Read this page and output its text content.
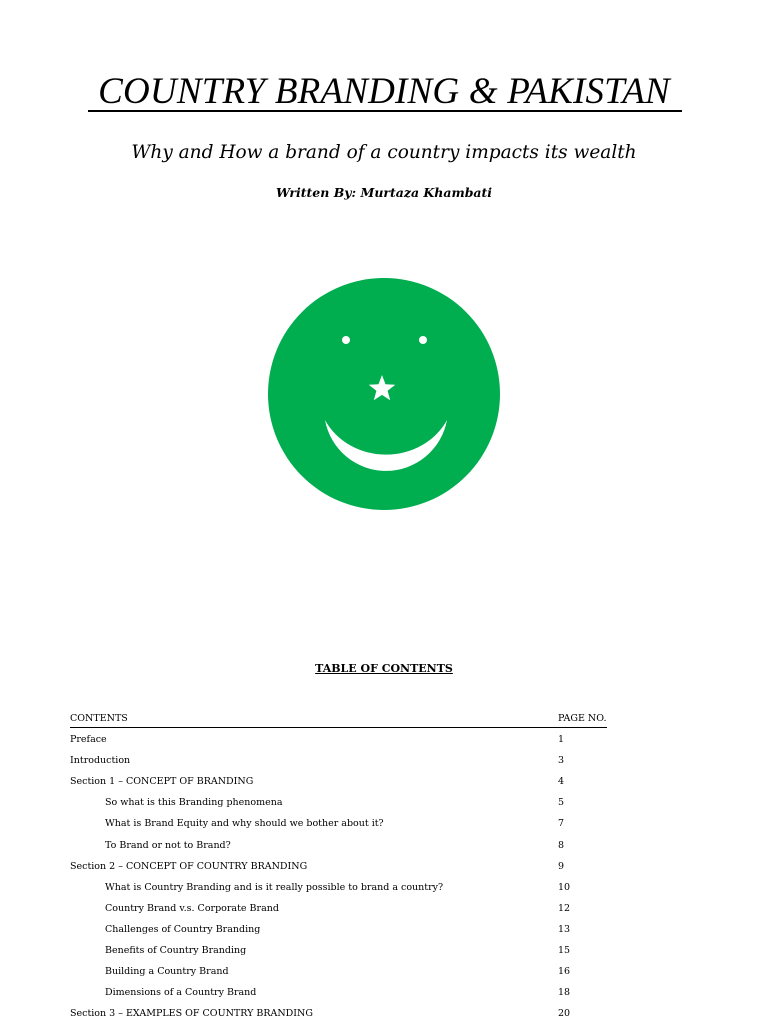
COUNTRY BRANDING & PAKISTAN
Why and How a brand of a country impacts its wealth
Written By: Murtaza Khambati
TABLE OF CONTENTS
CONTENTS	PAGE NO.
Preface	1
Introduction	3
Section 1 – CONCEPT OF BRANDING	4
So what is this Branding phenomena	5
What is Brand Equity and why should we bother about it?	7
To Brand or not to Brand?	8
Section 2 – CONCEPT OF COUNTRY BRANDING	9
What is Country Branding and is it really possible to brand a country?	10
Country Brand v.s. Corporate Brand	12
Challenges of Country Branding	13
Benefits of Country Branding	15
Building a Country Brand	16
Dimensions of a Country Brand	18
Section 3 – EXAMPLES OF COUNTRY BRANDING	20
